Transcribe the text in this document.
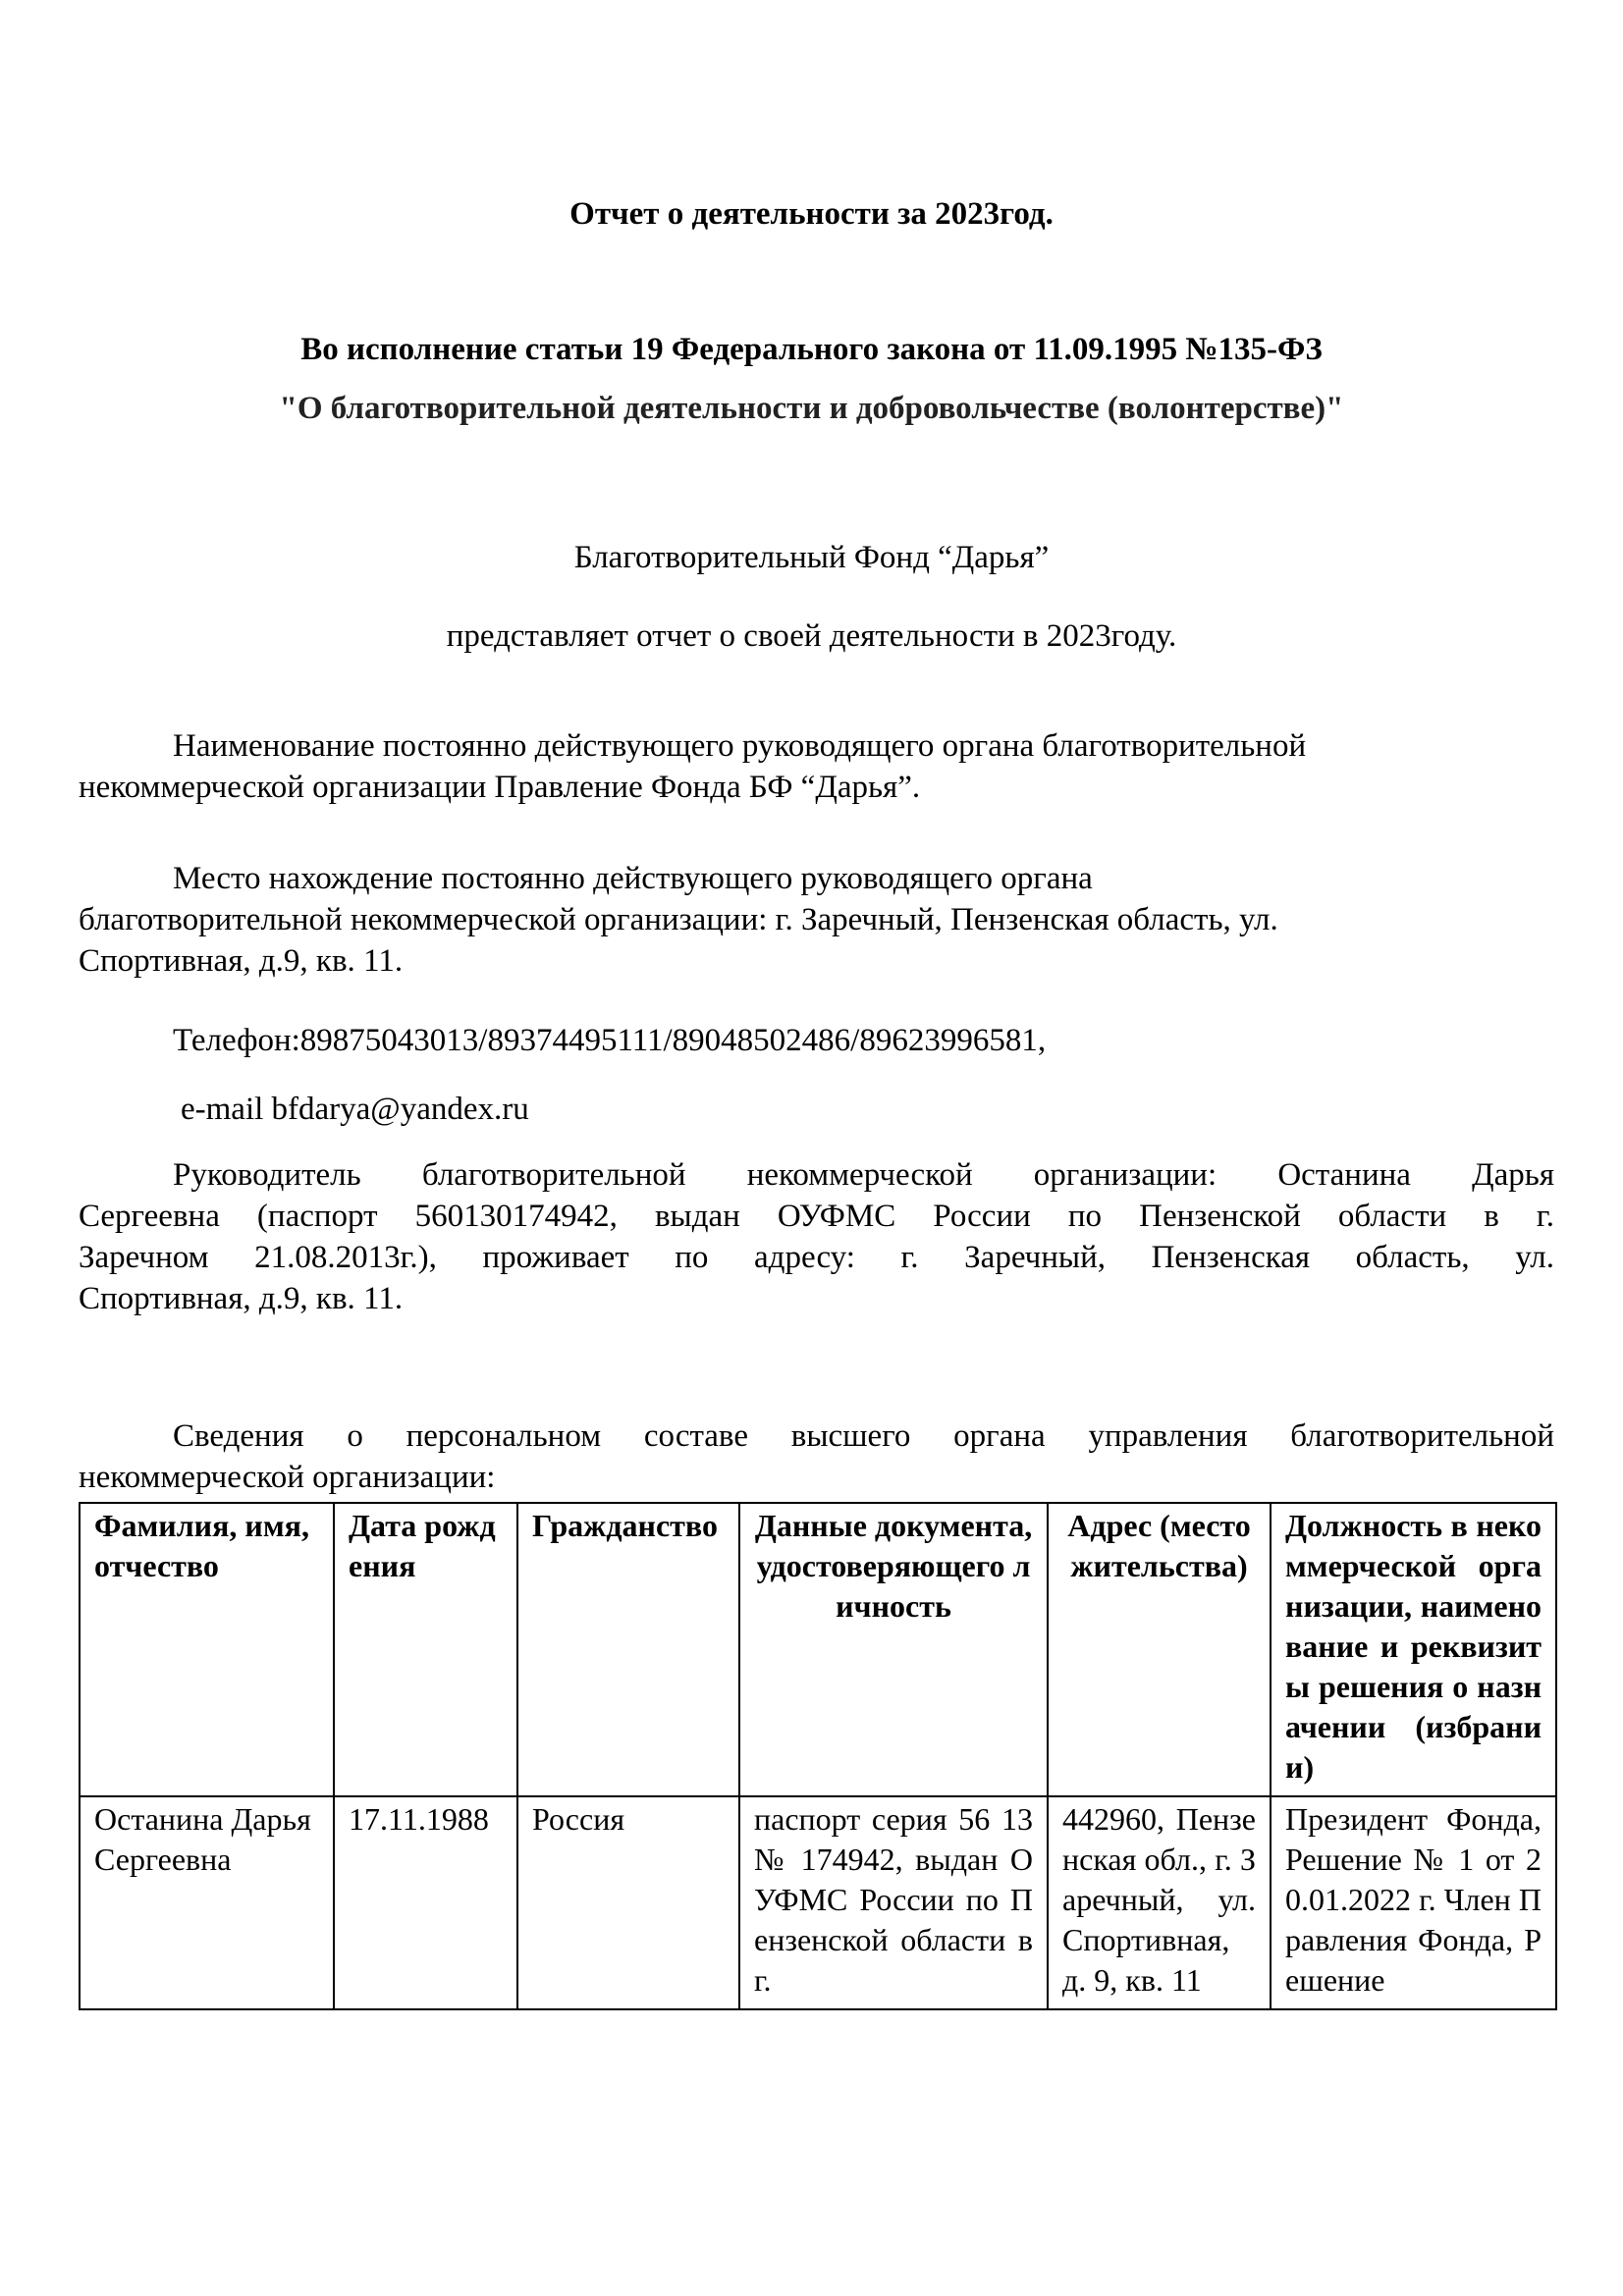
Отчет о деятельности за 2023год.
Во исполнение статьи 19 Федерального закона от 11.09.1995 №135-ФЗ
"О благотворительной деятельности и добровольчестве (волонтерстве)"
Благотворительный Фонд “Дарья”
представляет отчет о своей деятельности в 2023году.
Наименование постоянно действующего руководящего органа благотворительной
некоммерческой организации Правление Фонда БФ “Дарья”.
Место нахождение постоянно действующего руководящего органа
благотворительной некоммерческой организации: г. Заречный, Пензенская область, ул.
Спортивная, д.9, кв. 11.
Телефон:89875043013/89374495111/89048502486/89623996581,
e-mail bfdarya@yandex.ru
Руководитель благотворительной некоммерческой организации: Останина Дарья
Сергеевна (паспорт 560130174942, выдан ОУФМС России по Пензенской области в г.
Заречном 21.08.2013г.), проживает по адресу: г. Заречный, Пензенская область, ул.
Спортивная, д.9, кв. 11.
Сведения о персональном составе высшего органа управления благотворительной
некоммерческой организации:
Фамилия, имя, отчество	Дата рождения	Гражданство	Данные документа, удостоверяющего личность	Адрес (место жительства)	Должность в некоммерческой организации, наименование и реквизиты решения о назначении (избрании)
Останина Дарья Сергеевна	17.11.1988	Россия	паспорт серия 56 13 № 174942, выдан ОУФМС России по Пензенской области в г.	442960, Пензенская обл., г. Заречный, ул. Спортивная, д. 9, кв. 11	Президент Фонда, Решение № 1 от 20.01.2022 г. Член Правления Фонда, Решение
